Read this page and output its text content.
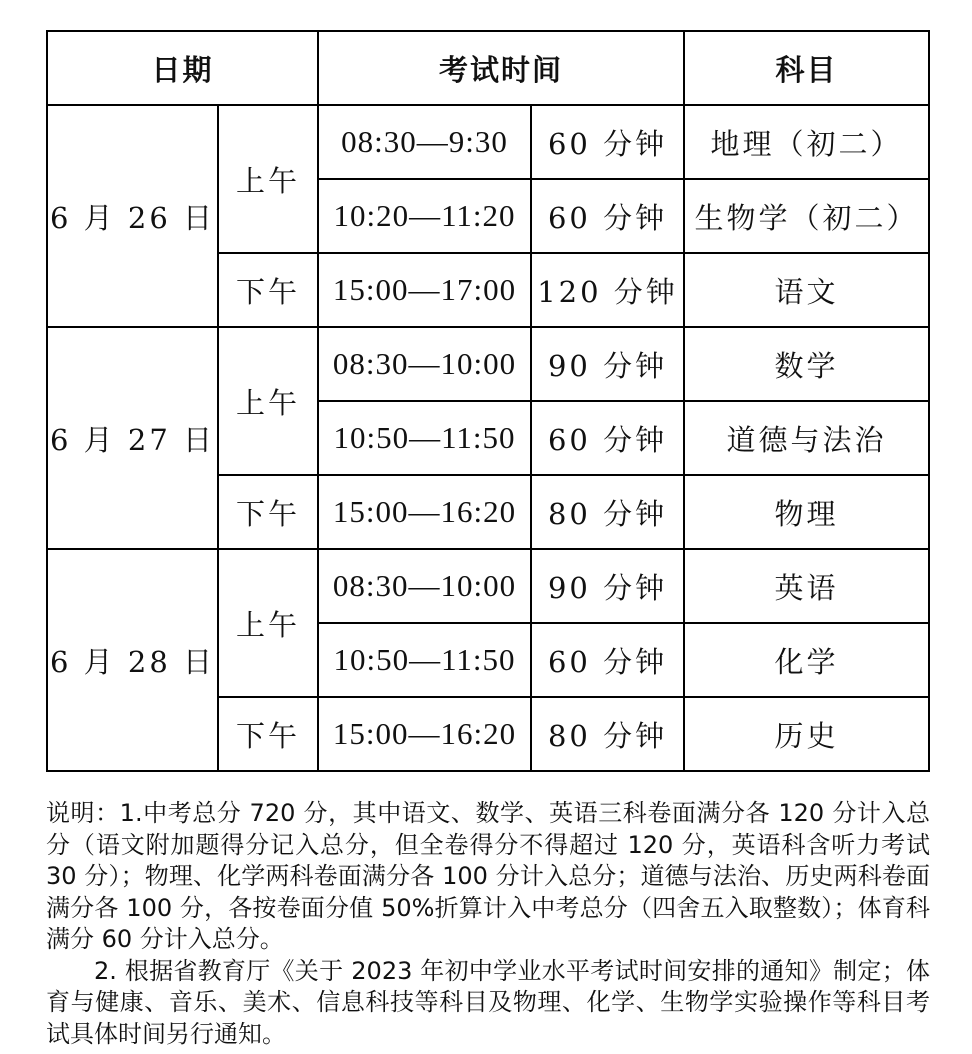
日期		考试时间		科目
6 月 26 日	上午	08:30—9:30	60 分钟	地理（初二）
		10:20—11:20	60 分钟	生物学（初二）
	下午	15:00—17:00	120 分钟	语文
6 月 27 日	上午	08:30—10:00	90 分钟	数学
		10:50—11:50	60 分钟	道德与法治
	下午	15:00—16:20	80 分钟	物理
6 月 28 日	上午	08:30—10:00	90 分钟	英语
		10:50—11:50	60 分钟	化学
	下午	15:00—16:20	80 分钟	历史

说明：1.中考总分 720 分，其中语文、数学、英语三科卷面满分各 120 分计入总分（语文附加题得分记入总分，但全卷得分不得超过 120 分，英语科含听力考试 30 分）；物理、化学两科卷面满分各 100 分计入总分；道德与法治、历史两科卷面满分各 100 分，各按卷面分值 50%折算计入中考总分（四舍五入取整数）；体育科满分 60 分计入总分。

2. 根据省教育厅《关于 2023 年初中学业水平考试时间安排的通知》制定；体育与健康、音乐、美术、信息科技等科目及物理、化学、生物学实验操作等科目考试具体时间另行通知。
